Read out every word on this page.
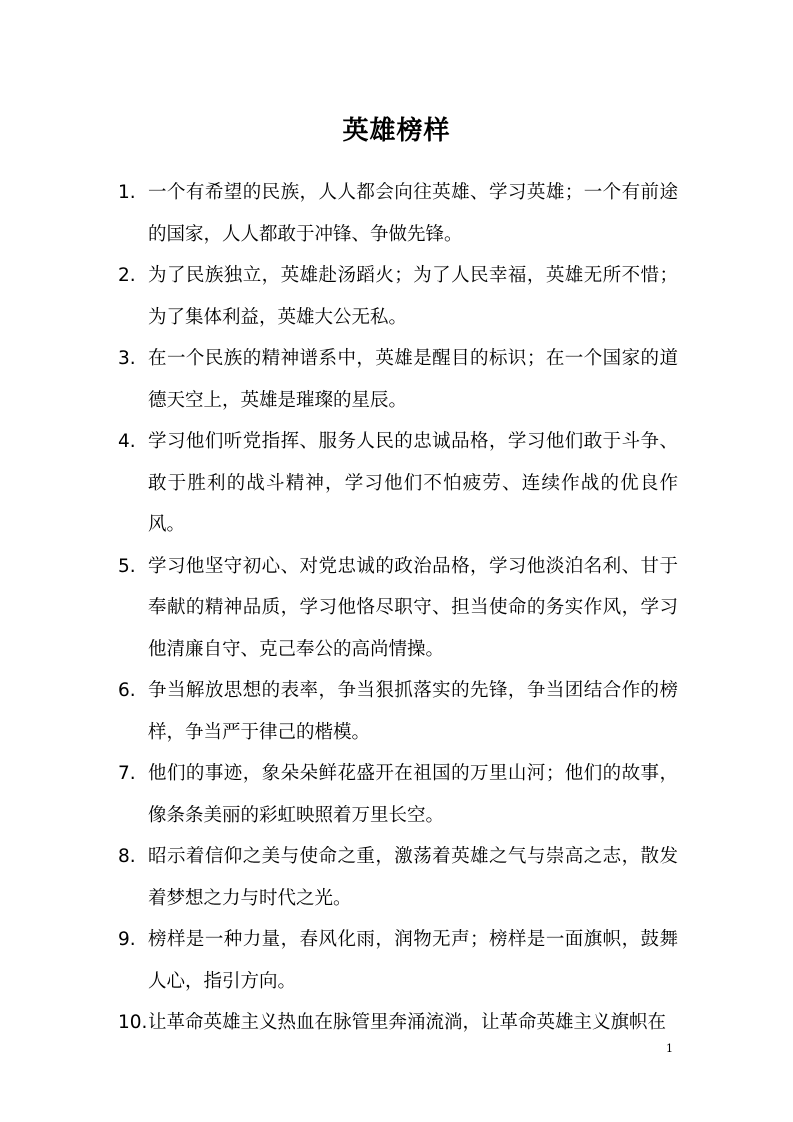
英雄榜样
1. 一个有希望的民族，人人都会向往英雄、学习英雄；一个有前途的国家，人人都敢于冲锋、争做先锋。
2. 为了民族独立，英雄赴汤蹈火；为了人民幸福，英雄无所不惜；为了集体利益，英雄大公无私。
3. 在一个民族的精神谱系中，英雄是醒目的标识；在一个国家的道德天空上，英雄是璀璨的星辰。
4. 学习他们听党指挥、服务人民的忠诚品格，学习他们敢于斗争、敢于胜利的战斗精神，学习他们不怕疲劳、连续作战的优良作风。
5. 学习他坚守初心、对党忠诚的政治品格，学习他淡泊名利、甘于奉献的精神品质，学习他恪尽职守、担当使命的务实作风，学习他清廉自守、克己奉公的高尚情操。
6. 争当解放思想的表率，争当狠抓落实的先锋，争当团结合作的榜样，争当严于律己的楷模。
7. 他们的事迹，象朵朵鲜花盛开在祖国的万里山河；他们的故事，像条条美丽的彩虹映照着万里长空。
8. 昭示着信仰之美与使命之重，激荡着英雄之气与崇高之志，散发着梦想之力与时代之光。
9. 榜样是一种力量，春风化雨，润物无声；榜样是一面旗帜，鼓舞人心，指引方向。
10. 让革命英雄主义热血在脉管里奔涌流淌，让革命英雄主义旗帜在
1
